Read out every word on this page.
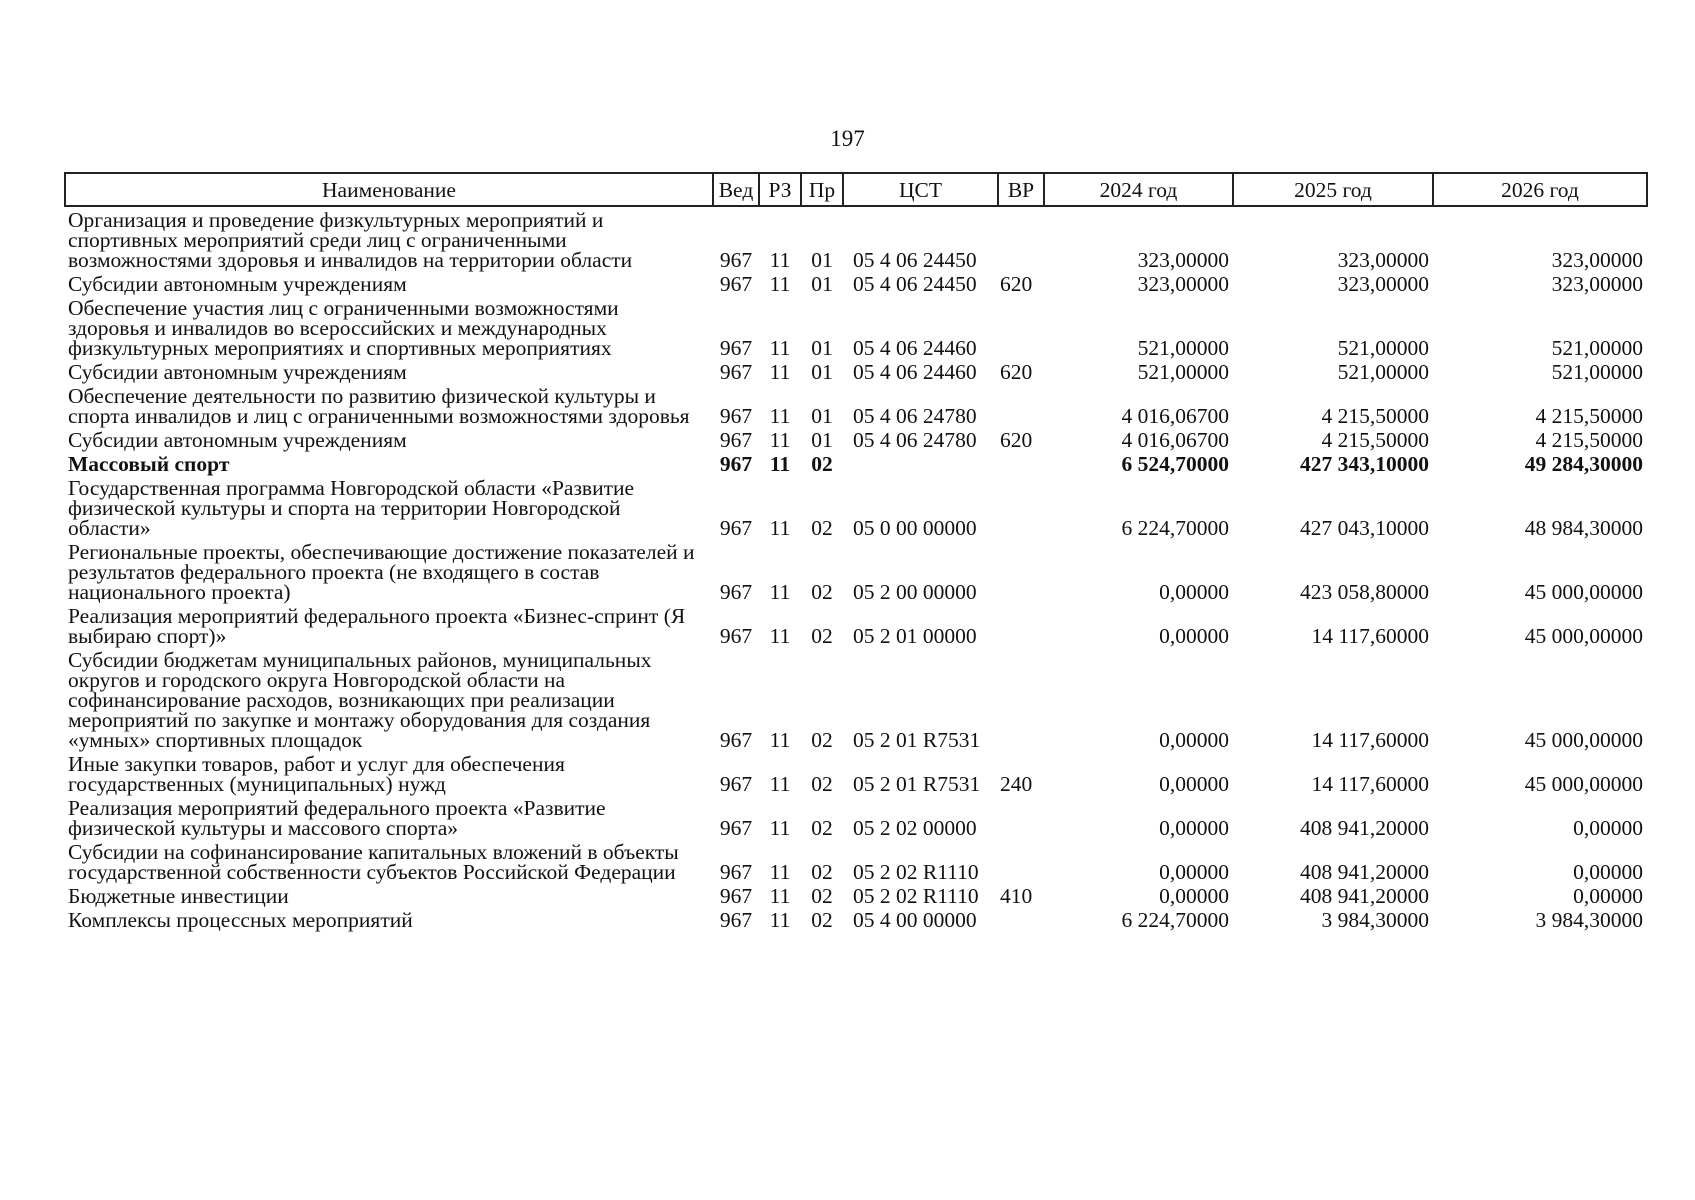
197
Наименование	Вед	РЗ	Пр	ЦСТ	ВР	2024 год	2025 год	2026 год
Организация и проведение физкультурных мероприятий и спортивных мероприятий среди лиц с ограниченными возможностями здоровья и инвалидов на территории области	967	11	01	05 4 06 24450		323,00000	323,00000	323,00000
Субсидии автономным учреждениям	967	11	01	05 4 06 24450	620	323,00000	323,00000	323,00000
Обеспечение участия лиц с ограниченными возможностями здоровья и инвалидов во всероссийских и международных физкультурных мероприятиях и спортивных мероприятиях	967	11	01	05 4 06 24460		521,00000	521,00000	521,00000
Субсидии автономным учреждениям	967	11	01	05 4 06 24460	620	521,00000	521,00000	521,00000
Обеспечение деятельности по развитию физической культуры и спорта инвалидов и лиц с ограниченными возможностями здоровья	967	11	01	05 4 06 24780		4 016,06700	4 215,50000	4 215,50000
Субсидии автономным учреждениям	967	11	01	05 4 06 24780	620	4 016,06700	4 215,50000	4 215,50000
Массовый спорт	967	11	02			6 524,70000	427 343,10000	49 284,30000
Государственная программа Новгородской области «Развитие физической культуры и спорта на территории Новгородской области»	967	11	02	05 0 00 00000		6 224,70000	427 043,10000	48 984,30000
Региональные проекты, обеспечивающие достижение показателей и результатов федерального проекта (не входящего в состав национального проекта)	967	11	02	05 2 00 00000		0,00000	423 058,80000	45 000,00000
Реализация мероприятий федерального проекта «Бизнес-спринт (Я выбираю спорт)»	967	11	02	05 2 01 00000		0,00000	14 117,60000	45 000,00000
Субсидии бюджетам муниципальных районов, муниципальных округов и городского округа Новгородской области на софинансирование расходов, возникающих при реализации мероприятий по закупке и монтажу оборудования для создания «умных» спортивных площадок	967	11	02	05 2 01 R7531		0,00000	14 117,60000	45 000,00000
Иные закупки товаров, работ и услуг для обеспечения государственных (муниципальных) нужд	967	11	02	05 2 01 R7531	240	0,00000	14 117,60000	45 000,00000
Реализация мероприятий федерального проекта «Развитие физической культуры и массового спорта»	967	11	02	05 2 02 00000		0,00000	408 941,20000	0,00000
Субсидии на софинансирование капитальных вложений в объекты государственной собственности субъектов Российской Федерации	967	11	02	05 2 02 R1110		0,00000	408 941,20000	0,00000
Бюджетные инвестиции	967	11	02	05 2 02 R1110	410	0,00000	408 941,20000	0,00000
Комплексы процессных мероприятий	967	11	02	05 4 00 00000		6 224,70000	3 984,30000	3 984,30000
